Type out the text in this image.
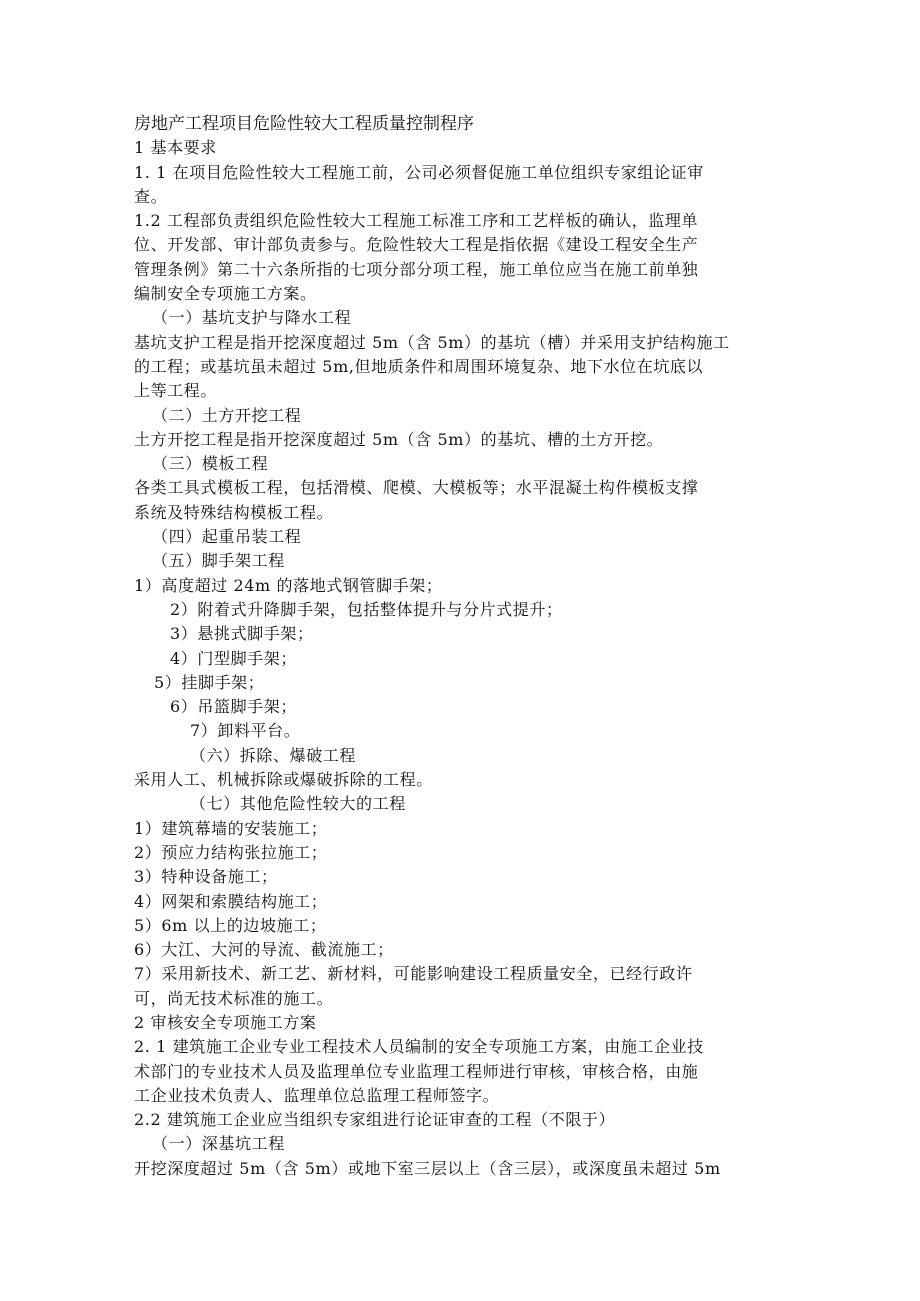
房地产工程项目危险性较大工程质量控制程序
1 基本要求
1. 1 在项目危险性较大工程施工前，公司必须督促施工单位组织专家组论证审
查。
1.2 工程部负责组织危险性较大工程施工标准工序和工艺样板的确认，监理单
位、开发部、审计部负责参与。危险性较大工程是指依据《建设工程安全生产
管理条例》第二十六条所指的七项分部分项工程，施工单位应当在施工前单独
编制安全专项施工方案。
（一）基坑支护与降水工程
基坑支护工程是指开挖深度超过 5m（含 5m）的基坑（槽）并采用支护结构施工
的工程；或基坑虽未超过 5m,但地质条件和周围环境复杂、地下水位在坑底以
上等工程。
（二）土方开挖工程
土方开挖工程是指开挖深度超过 5m（含 5m）的基坑、槽的土方开挖。
（三）模板工程
各类工具式模板工程，包括滑模、爬模、大模板等；水平混凝土构件模板支撑
系统及特殊结构模板工程。
（四）起重吊装工程
（五）脚手架工程
1）高度超过 24m 的落地式钢管脚手架；
2）附着式升降脚手架，包括整体提升与分片式提升；
3）悬挑式脚手架；
4）门型脚手架；
5）挂脚手架；
6）吊篮脚手架；
7）卸料平台。
（六）拆除、爆破工程
采用人工、机械拆除或爆破拆除的工程。
（七）其他危险性较大的工程
1）建筑幕墙的安装施工；
2）预应力结构张拉施工；
3）特种设备施工；
4）网架和索膜结构施工；
5）6m 以上的边坡施工；
6）大江、大河的导流、截流施工；
7）采用新技术、新工艺、新材料，可能影响建设工程质量安全，已经行政许
可，尚无技术标准的施工。
2 审核安全专项施工方案
2. 1 建筑施工企业专业工程技术人员编制的安全专项施工方案，由施工企业技
术部门的专业技术人员及监理单位专业监理工程师进行审核，审核合格，由施
工企业技术负责人、监理单位总监理工程师签字。
2.2 建筑施工企业应当组织专家组进行论证审查的工程（不限于）
（一）深基坑工程
开挖深度超过 5m（含 5m）或地下室三层以上（含三层），或深度虽未超过 5m
